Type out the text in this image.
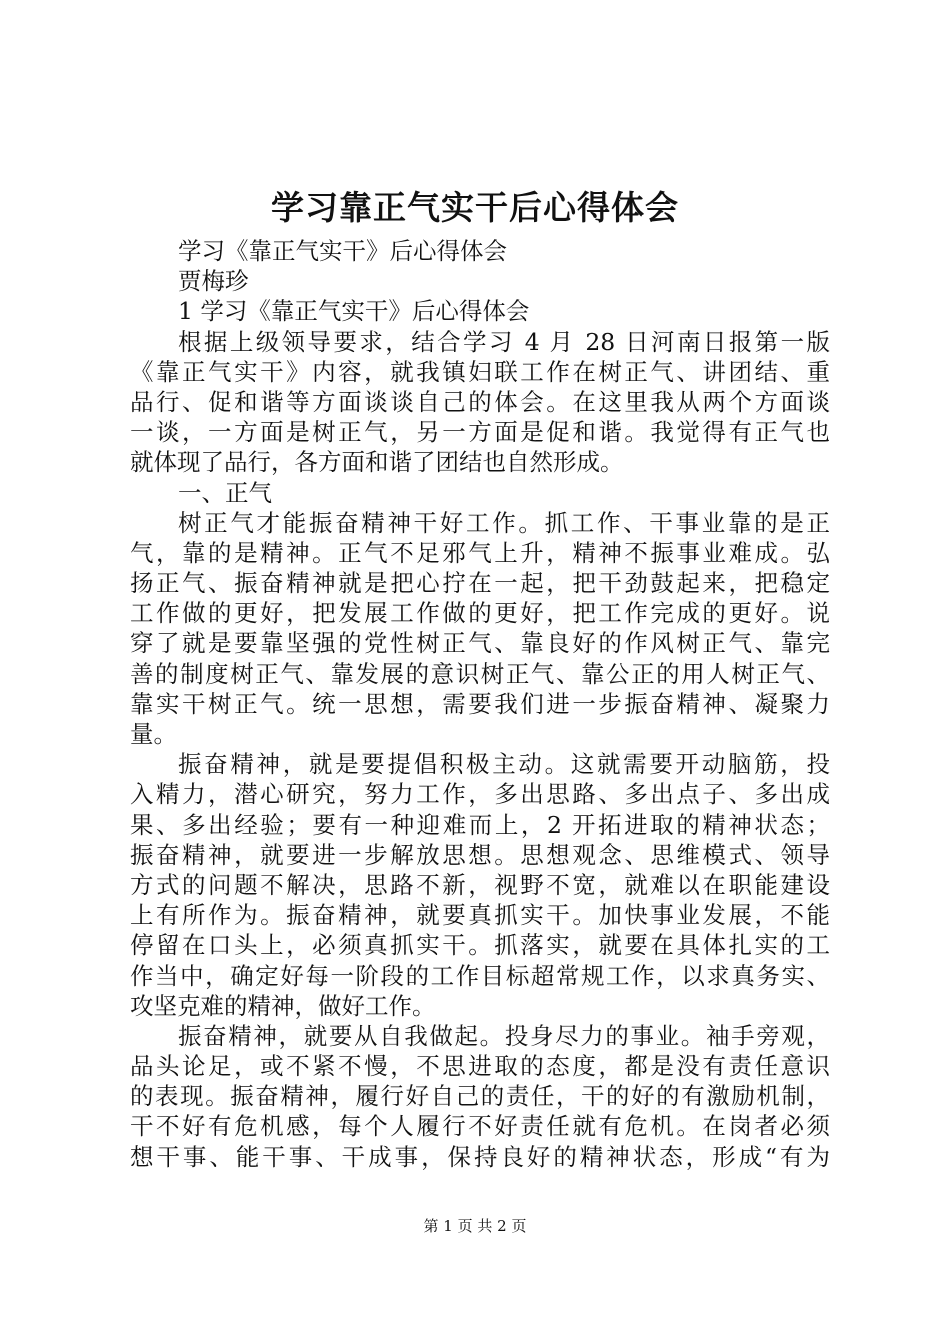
学习靠正气实干后心得体会
学习《靠正气实干》后心得体会
贾梅珍
1 学习《靠正气实干》后心得体会
根据上级领导要求，结合学习 4 月 28 日河南日报第一版
《靠正气实干》内容，就我镇妇联工作在树正气、讲团结、重
品行、促和谐等方面谈谈自己的体会。在这里我从两个方面谈
一谈，一方面是树正气，另一方面是促和谐。我觉得有正气也
就体现了品行，各方面和谐了团结也自然形成。
一、正气
树正气才能振奋精神干好工作。抓工作、干事业靠的是正
气，靠的是精神。正气不足邪气上升，精神不振事业难成。弘
扬正气、振奋精神就是把心拧在一起，把干劲鼓起来，把稳定
工作做的更好，把发展工作做的更好，把工作完成的更好。说
穿了就是要靠坚强的党性树正气、靠良好的作风树正气、靠完
善的制度树正气、靠发展的意识树正气、靠公正的用人树正气、
靠实干树正气。统一思想，需要我们进一步振奋精神、凝聚力
量。
振奋精神，就是要提倡积极主动。这就需要开动脑筋，投
入精力，潜心研究，努力工作，多出思路、多出点子、多出成
果、多出经验；要有一种迎难而上，2 开拓进取的精神状态；
振奋精神，就要进一步解放思想。思想观念、思维模式、领导
方式的问题不解决，思路不新，视野不宽，就难以在职能建设
上有所作为。振奋精神，就要真抓实干。加快事业发展，不能
停留在口头上，必须真抓实干。抓落实，就要在具体扎实的工
作当中，确定好每一阶段的工作目标超常规工作，以求真务实、
攻坚克难的精神，做好工作。
振奋精神，就要从自我做起。投身尽力的事业。袖手旁观，
品头论足，或不紧不慢，不思进取的态度，都是没有责任意识
的表现。振奋精神，履行好自己的责任，干的好的有激励机制，
干不好有危机感，每个人履行不好责任就有危机。在岗者必须
想干事、能干事、干成事，保持良好的精神状态，形成“有为
第 1 页 共 2 页
